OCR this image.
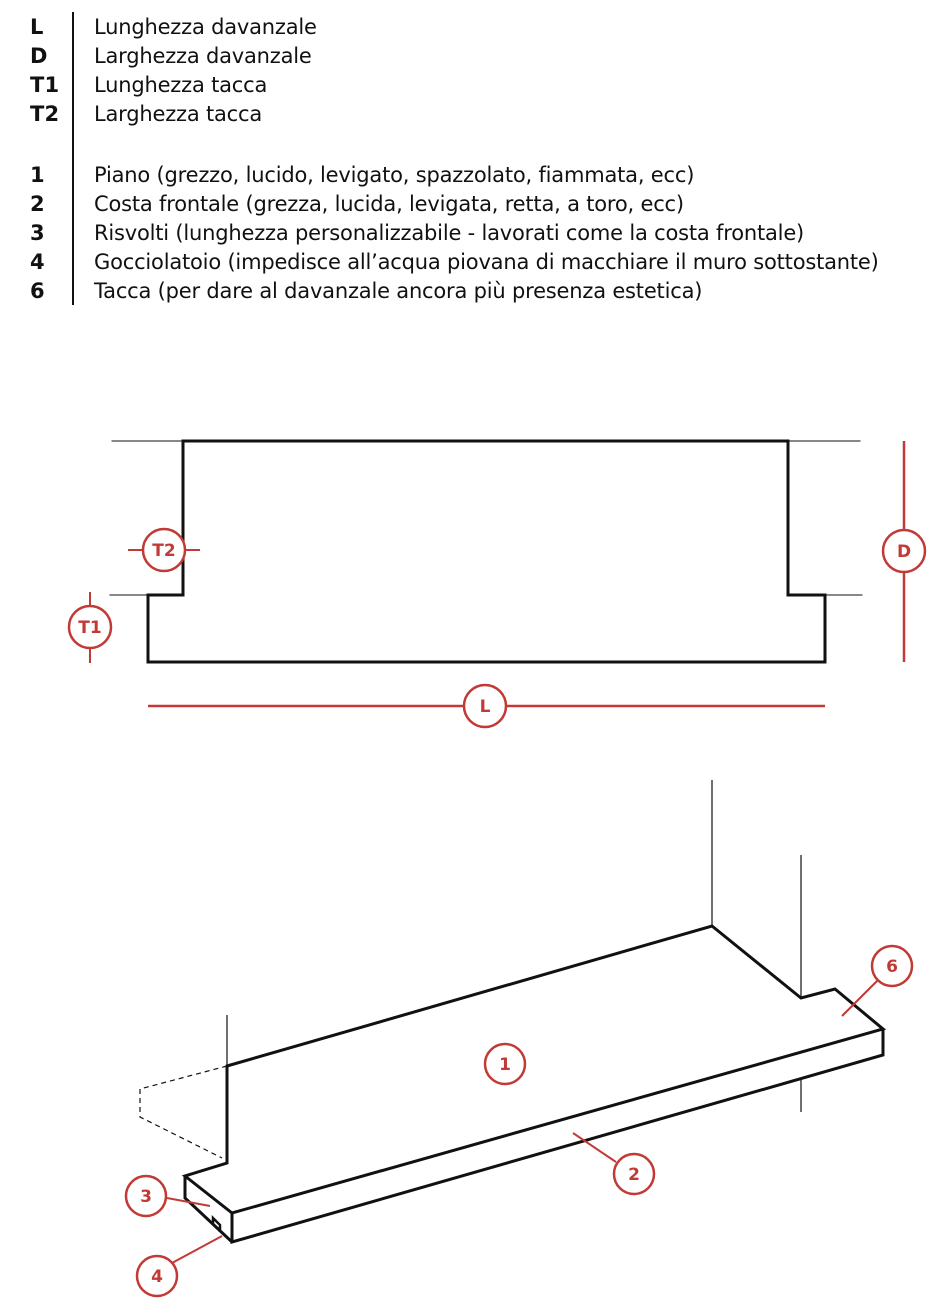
L	Lunghezza davanzale
D	Larghezza davanzale
T1 Lunghezza tacca
T2 Larghezza tacca
1	Piano (grezzo, lucido, levigato, spazzolato, fiammata, ecc)
2	Costa frontale (grezza, lucida, levigata, retta, a toro, ecc)
3	Risvolti (lunghezza personalizzabile - lavorati come la costa frontale)
4	Gocciolatoio (impedisce all’acqua piovana di macchiare il muro sottostante)
6	Tacca (per dare al davanzale ancora più presenza estetica)
T2
T1
D
L
1
2
3
4
6
